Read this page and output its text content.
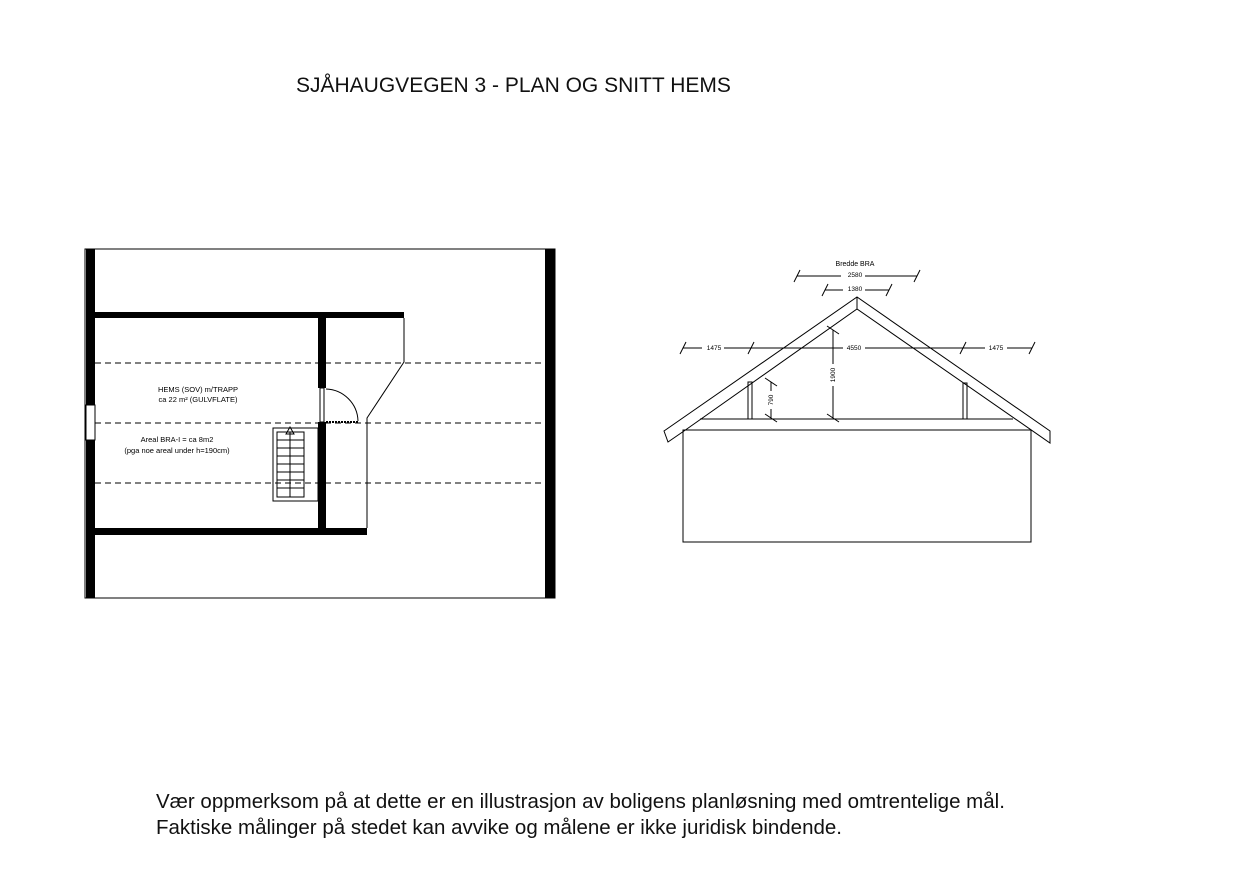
SJÅHAUGVEGEN 3 - PLAN OG SNITT HEMS
HEMS (SOV) m/TRAPP
ca 22 m² (GULVFLATE)
Areal BRA-I = ca 8m2
(pga noe areal under h=190cm)
Bredde BRA
2580
1380
1475	4550	1475
1900
790
Vær oppmerksom på at dette er en illustrasjon av boligens planløsning med omtrentelige mål.
Faktiske målinger på stedet kan avvike og målene er ikke juridisk bindende.
